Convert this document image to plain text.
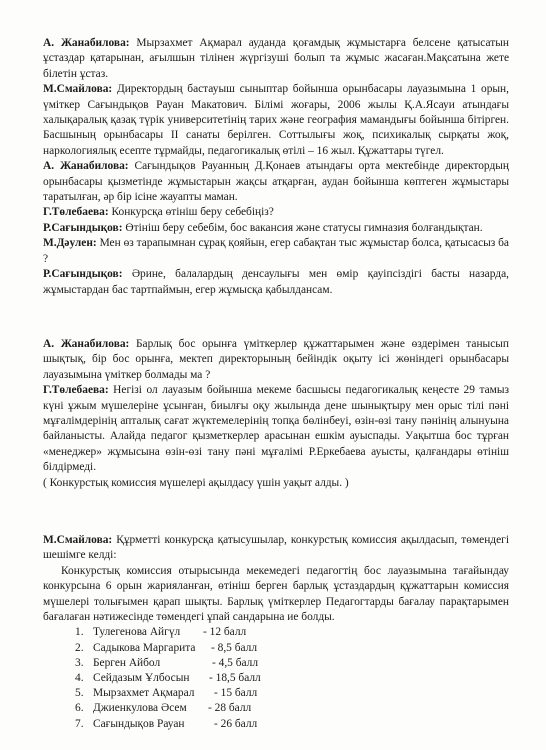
А. Жанабилова: Мырзахмет Ақмарал ауданда қоғамдық жұмыстарға белсене қатысатын ұстаздар қатарынан, ағылшын тілінен жүргізуші болып та жұмыс жасаған.Мақсатына жете білетін ұстаз.

М.Смайлова: Директордың бастауыш сыныптар бойынша орынбасары лауазымына 1 орын, үміткер Сағындықов Рауан Макатович. Білімі жоғары, 2006 жылы Қ.А.Ясауи атындағы халықаралық қазақ түрік университетінің тарих және география мамандығы бойынша бітірген. Басшының орынбасары ІІ санаты берілген. Соттылығы жоқ, психикалық сырқаты жоқ, наркологиялық есепте тұрмайды, педагогикалық өтілі – 16 жыл. Құжаттары түгел.

А. Жанабилова: Сағындықов Рауанның Д.Қонаев атындағы орта мектебінде директордың орынбасары қызметінде жұмыстарын жақсы атқарған, аудан бойынша көптеген жұмыстары таратылған, әр бір ісіне жауапты маман.

Г.Төлебаева: Конкурсқа өтініш беру себебіңіз?

Р.Сағындықов: Өтініш беру себебім, бос вакансия және статусы гимназия болғандықтан.

М.Дәулен: Мен өз тарапымнан сұрақ қояйын, егер сабақтан тыс жұмыстар болса, қатысасыз ба ?

Р.Сағындықов: Әрине, балалардың денсаулығы мен өмір қауіпсіздігі басты назарда, жұмыстардан бас тартпаймын, егер жұмысқа қабылдансам.

А. Жанабилова: Барлық бос орынға үміткерлер құжаттарымен және өздерімен танысып шықтық, бір бос орынға, мектеп директорының бейіндік оқыту ісі жөніндегі орынбасары лауазымына үміткер болмады ма ?

Г.Төлебаева: Негізі ол лауазым бойынша мекеме басшысы педагогикалық кеңесте 29 тамыз күні ұжым мүшелеріне ұсынған, биылғы оқу жылында дене шынықтыру мен орыс тілі пәні мұғалімдерінің апталық сағат жүктемелерінің топқа бөлінбеуі, өзін-өзі тану пәнінің алынуына байланысты. Алайда педагог қызметкерлер арасынан ешкім ауыспады. Уақытша бос тұрған «менеджер» жұмысына өзін-өзі тану пәні мұғалімі Р.Еркебаева ауысты, қалғандары өтініш білдірмеді.

( Конкурстық комиссия мүшелері ақылдасу үшін уақыт алды. )

М.Смайлова: Құрметті конкурсқа қатысушылар, конкурстық комиссия ақылдасып, төмендегі шешімге келді:

Конкурстық комиссия отырысында мекемедегі педагогтің бос лауазымына тағайындау конкурсына 6 орын жарияланған, өтініш берген барлық ұстаздардың құжаттарын комиссия мүшелері толығымен қарап шықты. Барлық үміткерлер Педагогтарды бағалау парақтарымен бағалаған нәтижесінде төмендегі ұпай сандарына ие болды.

1. Тулегенова Айгүл - 12 балл
2. Садыкова Маргарита - 8,5 балл
3. Берген Айбол	- 4,5 балл
4. Сейдазым Ұлбосын - 18,5 балл
5. Мырзахмет Ақмарал - 15 балл
6. Джиенкулова Әсем - 28 балл
7. Сағындықов Рауан	- 26 балл
